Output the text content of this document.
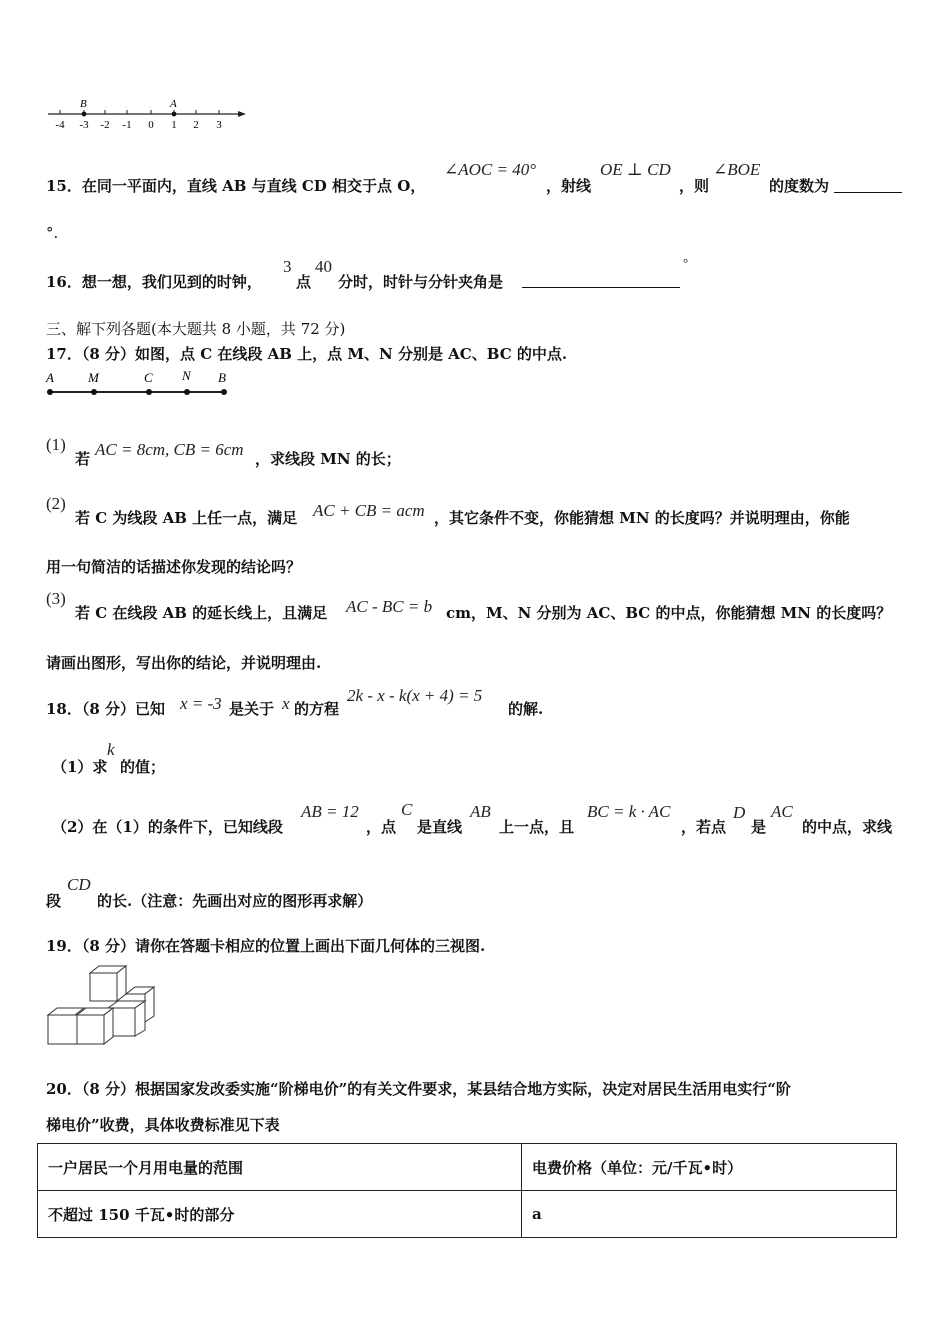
B	A
-4 -3 -2 -1 0 1 2 3
15．在同一平面内，直线 AB 与直线 CD 相交于点 O，
∠AOC = 40°
，射线
OE ⊥ CD
，则
∠BOE
的度数为
°.
16．想一想，我们见到的时钟，
3
点
40
分时，时针与分针夹角是
°
三、解下列各题(本大题共 8 小题，共 72 分)
17．（8 分）如图，点 C 在线段 AB 上，点 M、N 分别是 AC、BC 的中点.
A	M	C N B
(1)
若 AC = 8cm, CB = 6cm ，求线段 MN 的长；
(2)
若 C 为线段 AB 上任一点，满足 AC + CB = acm ，其它条件不变，你能猜想 MN 的长度吗？并说明理由，你能
用一句简洁的话描述你发现的结论吗？
(3)
若 C 在线段 AB 的延长线上，且满足 AC - BC = b cm，M、N 分别为 AC、BC 的中点，你能猜想 MN 的长度吗？
请画出图形，写出你的结论，并说明理由.
18．（8 分）已知 x = -3 是关于 x 的方程
2k - x - k(x + 4) = 5
的解.
（1）求
k
的值；
（2）在（1）的条件下，已知线段
AB = 12
，点
C
是直线
AB
上一点，且
BC = k · AC
，若点
D
是
AC
的中点，求线
段
CD
的长.（注意：先画出对应的图形再求解）
19．（8 分）请你在答题卡相应的位置上画出下面几何体的三视图.
20．（8 分）根据国家发改委实施“阶梯电价”的有关文件要求，某县结合地方实际，决定对居民生活用电实行“阶
梯电价”收费，具体收费标准见下表
一户居民一个月用电量的范围	电费价格（单位：元/千瓦•时）
不超过 150 千瓦•时的部分	a
